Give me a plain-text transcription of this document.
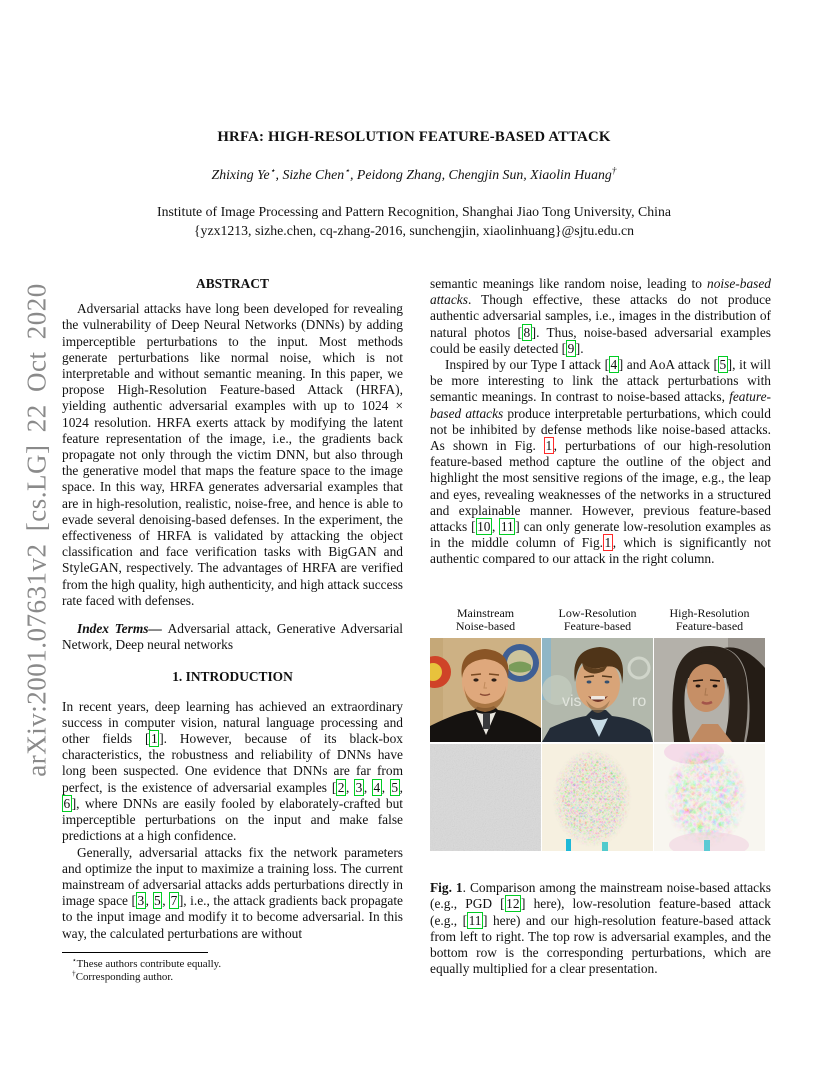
arXiv:2001.07631v2 [cs.LG] 22 Oct 2020
HRFA: HIGH-RESOLUTION FEATURE-BASED ATTACK
Zhixing Ye⋆, Sizhe Chen⋆, Peidong Zhang, Chengjin Sun, Xiaolin Huang†
Institute of Image Processing and Pattern Recognition, Shanghai Jiao Tong University, China
{yzx1213, sizhe.chen, cq-zhang-2016, sunchengjin, xiaolinhuang}@sjtu.edu.cn
ABSTRACT

Adversarial attacks have long been developed for revealing the vulnerability of Deep Neural Networks (DNNs) by adding imperceptible perturbations to the input. Most methods generate perturbations like normal noise, which is not interpretable and without semantic meaning. In this paper, we propose High-Resolution Feature-based Attack (HRFA), yielding authentic adversarial examples with up to 1024 × 1024 resolution. HRFA exerts attack by modifying the latent feature representation of the image, i.e., the gradients back propagate not only through the victim DNN, but also through the generative model that maps the feature space to the image space. In this way, HRFA generates adversarial examples that are in high-resolution, realistic, noise-free, and hence is able to evade several denoising-based defenses. In the experiment, the effectiveness of HRFA is validated by attacking the object classification and face verification tasks with BigGAN and StyleGAN, respectively. The advantages of HRFA are verified from the high quality, high authenticity, and high attack success rate faced with defenses.

Index Terms— Adversarial attack, Generative Adversarial Network, Deep neural networks

1. INTRODUCTION

In recent years, deep learning has achieved an extraordinary success in computer vision, natural language processing and other fields [ 1 ]. However, because of its black-box characteristics, the robustness and reliability of DNNs have long been suspected. One evidence that DNNs are far from perfect, is the existence of adversarial examples [ 2 , 3 , 4 , 5 , 6 ], where DNNs are easily fooled by elaborately-crafted but imperceptible perturbations on the input and make false predictions at a high confidence.

Generally, adversarial attacks fix the network parameters and optimize the input to maximize a training loss. The current mainstream of adversarial attacks adds perturbations directly in image space [ 3 , 5 , 7 ], i.e., the attack gradients back propagate to the input image and modify it to become adversarial. In this way, the calculated perturbations are without

⋆These authors contribute equally.
†Corresponding author.

semantic meanings like random noise, leading to noise-based attacks. Though effective, these attacks do not produce authentic adversarial samples, i.e., images in the distribution of natural photos [ 8 ]. Thus, noise-based adversarial examples could be easily detected [ 9 ].

Inspired by our Type I attack [ 4 ] and AoA attack [ 5 ], it will be more interesting to link the attack perturbations with semantic meanings. In contrast to noise-based attacks, feature-based attacks produce interpretable perturbations, which could not be inhibited by defense methods like noise-based attacks. As shown in Fig. 1 , perturbations of our high-resolution feature-based method capture the outline of the object and highlight the most sensitive regions of the image, e.g., the leap and eyes, revealing weaknesses of the networks in a structured and explainable manner. However, previous feature-based attacks [ 10 , 11 ] can only generate low-resolution examples as in the middle column of Fig. 1 , which is significantly not authentic compared to our attack in the right column.

Mainstream
Noise-based
Low-Resolution
Feature-based
High-Resolution
Feature-based
vis	ro
Fig. 1. Comparison among the mainstream noise-based attacks (e.g., PGD [ 12 ] here), low-resolution feature-based attack (e.g., [ 11 ] here) and our high-resolution feature-based attack from left to right. The top row is adversarial examples, and the bottom row is the corresponding perturbations, which are equally multiplied for a clear presentation.
